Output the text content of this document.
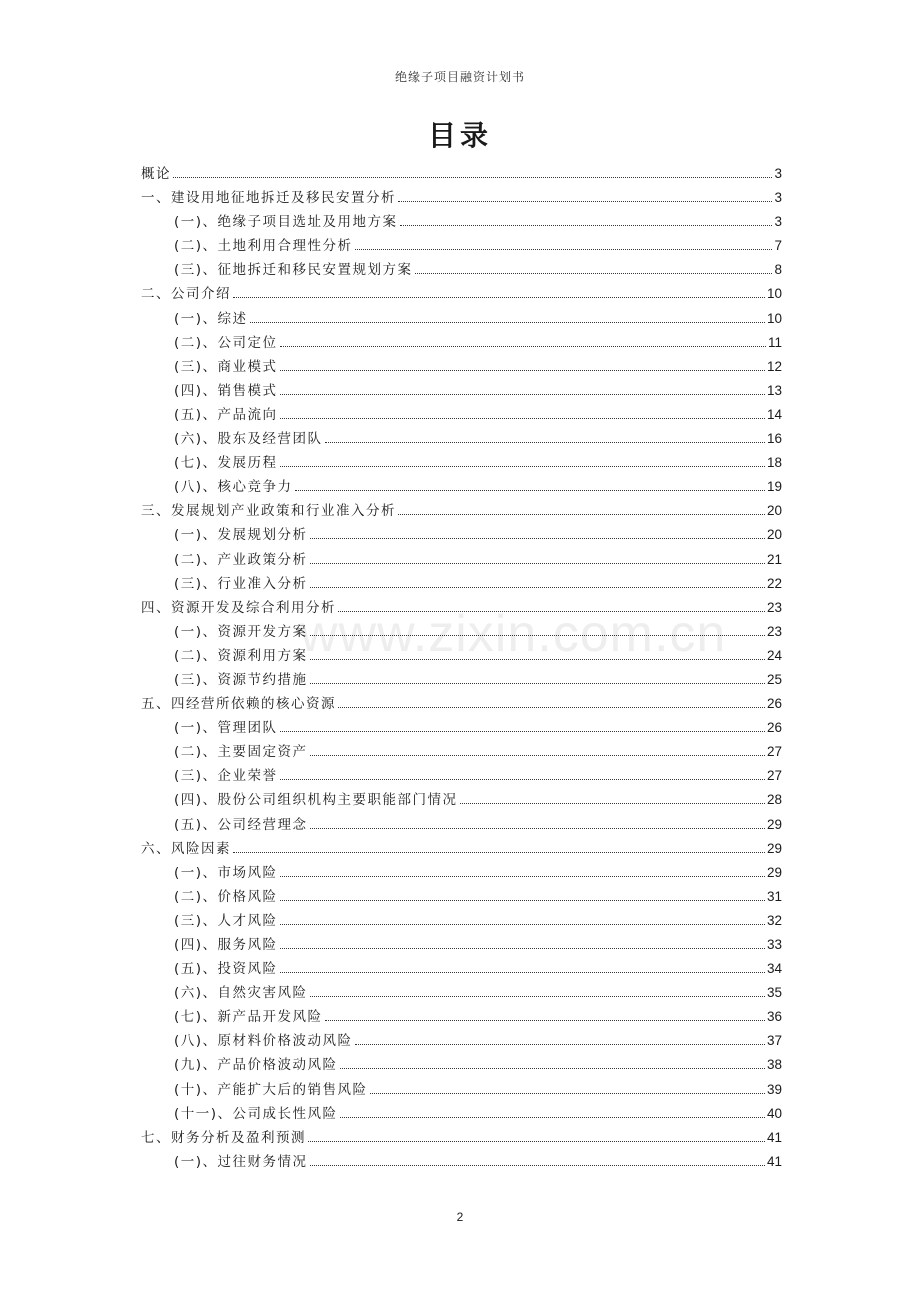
绝缘子项目融资计划书
目录
www.zixin.com.cn
概论	3
一、建设用地征地拆迁及移民安置分析	3
(一)、绝缘子项目选址及用地方案	3
(二)、土地利用合理性分析	7
(三)、征地拆迁和移民安置规划方案	8
二、公司介绍	10
(一)、综述	10
(二)、公司定位	11
(三)、商业模式	12
(四)、销售模式	13
(五)、产品流向	14
(六)、股东及经营团队	16
(七)、发展历程	18
(八)、核心竞争力	19
三、发展规划产业政策和行业准入分析	20
(一)、发展规划分析	20
(二)、产业政策分析	21
(三)、行业准入分析	22
四、资源开发及综合利用分析	23
(一)、资源开发方案	23
(二)、资源利用方案	24
(三)、资源节约措施	25
五、四经营所依赖的核心资源	26
(一)、管理团队	26
(二)、主要固定资产	27
(三)、企业荣誉	27
(四)、股份公司组织机构主要职能部门情况	28
(五)、公司经营理念	29
六、风险因素	29
(一)、市场风险	29
(二)、价格风险	31
(三)、人才风险	32
(四)、服务风险	33
(五)、投资风险	34
(六)、自然灾害风险	35
(七)、新产品开发风险	36
(八)、原材料价格波动风险	37
(九)、产品价格波动风险	38
(十)、产能扩大后的销售风险	39
(十一)、公司成长性风险	40
七、财务分析及盈利预测	41
(一)、过往财务情况	41
2
